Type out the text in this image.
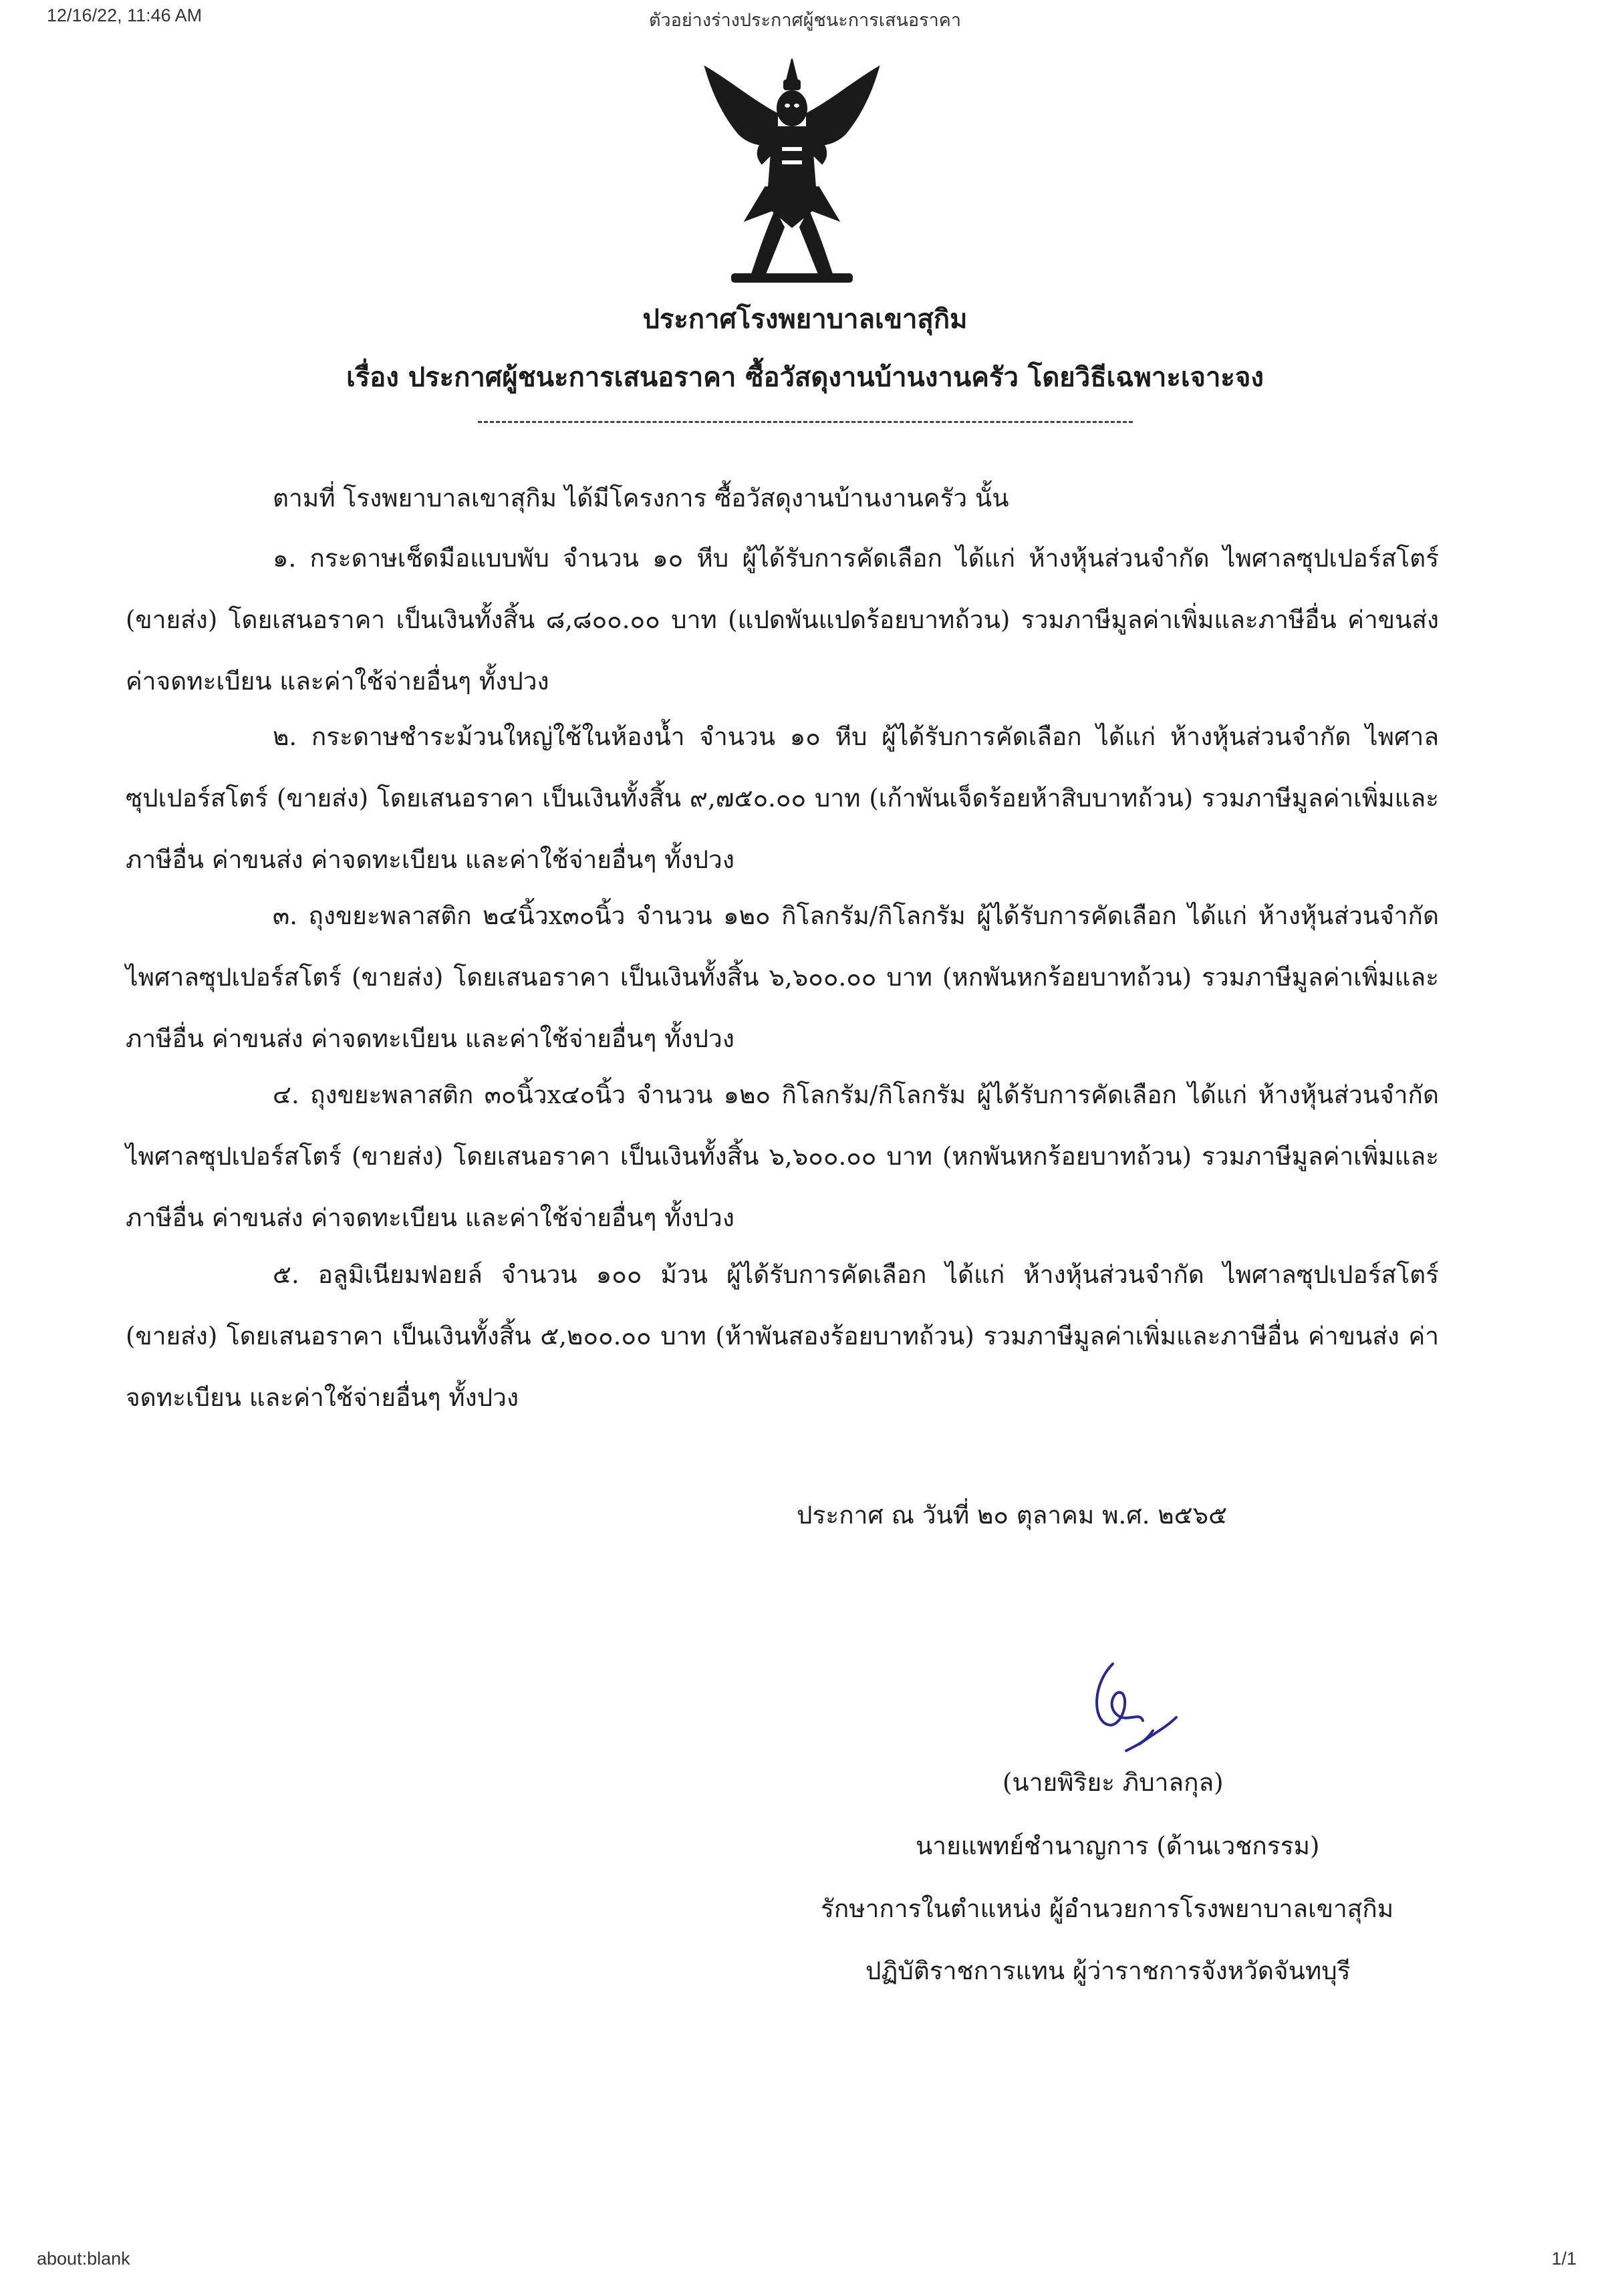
12/16/22, 11:46 AM	ตัวอย่างร่างประกาศผู้ชนะการเสนอราคา
ประกาศโรงพยาบาลเขาสุกิม
เรื่อง ประกาศผู้ชนะการเสนอราคา ซื้อวัสดุงานบ้านงานครัว โดยวิธีเฉพาะเจาะจง
ตามที่ โรงพยาบาลเขาสุกิม ได้มีโครงการ ซื้อวัสดุงานบ้านงานครัว นั้น
๑. กระดาษเช็ดมือแบบพับ จำนวน ๑๐ หีบ ผู้ได้รับการคัดเลือก ได้แก่ ห้างหุ้นส่วนจำกัด ไพศาลซุปเปอร์สโตร์ (ขายส่ง) โดยเสนอราคา เป็นเงินทั้งสิ้น ๘,๘๐๐.๐๐ บาท (แปดพันแปดร้อยบาทถ้วน) รวมภาษีมูลค่าเพิ่มและภาษีอื่น ค่าขนส่ง ค่าจดทะเบียน และค่าใช้จ่ายอื่นๆ ทั้งปวง
๒. กระดาษชำระม้วนใหญ่ใช้ในห้องน้ำ จำนวน ๑๐ หีบ ผู้ได้รับการคัดเลือก ได้แก่ ห้างหุ้นส่วนจำกัด ไพศาลซุปเปอร์สโตร์ (ขายส่ง) โดยเสนอราคา เป็นเงินทั้งสิ้น ๙,๗๕๐.๐๐ บาท (เก้าพันเจ็ดร้อยห้าสิบบาทถ้วน) รวมภาษีมูลค่าเพิ่มและภาษีอื่น ค่าขนส่ง ค่าจดทะเบียน และค่าใช้จ่ายอื่นๆ ทั้งปวง
๓. ถุงขยะพลาสติก ๒๔นิ้วx๓๐นิ้ว จำนวน ๑๒๐ กิโลกรัม/กิโลกรัม ผู้ได้รับการคัดเลือก ได้แก่ ห้างหุ้นส่วนจำกัด ไพศาลซุปเปอร์สโตร์ (ขายส่ง) โดยเสนอราคา เป็นเงินทั้งสิ้น ๖,๖๐๐.๐๐ บาท (หกพันหกร้อยบาทถ้วน) รวมภาษีมูลค่าเพิ่มและภาษีอื่น ค่าขนส่ง ค่าจดทะเบียน และค่าใช้จ่ายอื่นๆ ทั้งปวง
๔. ถุงขยะพลาสติก ๓๐นิ้วx๔๐นิ้ว จำนวน ๑๒๐ กิโลกรัม/กิโลกรัม ผู้ได้รับการคัดเลือก ได้แก่ ห้างหุ้นส่วนจำกัด ไพศาลซุปเปอร์สโตร์ (ขายส่ง) โดยเสนอราคา เป็นเงินทั้งสิ้น ๖,๖๐๐.๐๐ บาท (หกพันหกร้อยบาทถ้วน) รวมภาษีมูลค่าเพิ่มและภาษีอื่น ค่าขนส่ง ค่าจดทะเบียน และค่าใช้จ่ายอื่นๆ ทั้งปวง
๕. อลูมิเนียมฟอยล์ จำนวน ๑๐๐ ม้วน ผู้ได้รับการคัดเลือก ได้แก่ ห้างหุ้นส่วนจำกัด ไพศาลซุปเปอร์สโตร์ (ขายส่ง) โดยเสนอราคา เป็นเงินทั้งสิ้น ๕,๒๐๐.๐๐ บาท (ห้าพันสองร้อยบาทถ้วน) รวมภาษีมูลค่าเพิ่มและภาษีอื่น ค่าขนส่ง ค่าจดทะเบียน และค่าใช้จ่ายอื่นๆ ทั้งปวง
ประกาศ ณ วันที่ ๒๐ ตุลาคม พ.ศ. ๒๕๖๕
(นายพิริยะ ภิบาลกุล)
นายแพทย์ชำนาญการ (ด้านเวชกรรม)
รักษาการในตำแหน่ง ผู้อำนวยการโรงพยาบาลเขาสุกิม
ปฏิบัติราชการแทน ผู้ว่าราชการจังหวัดจันทบุรี
about:blank	1/1
